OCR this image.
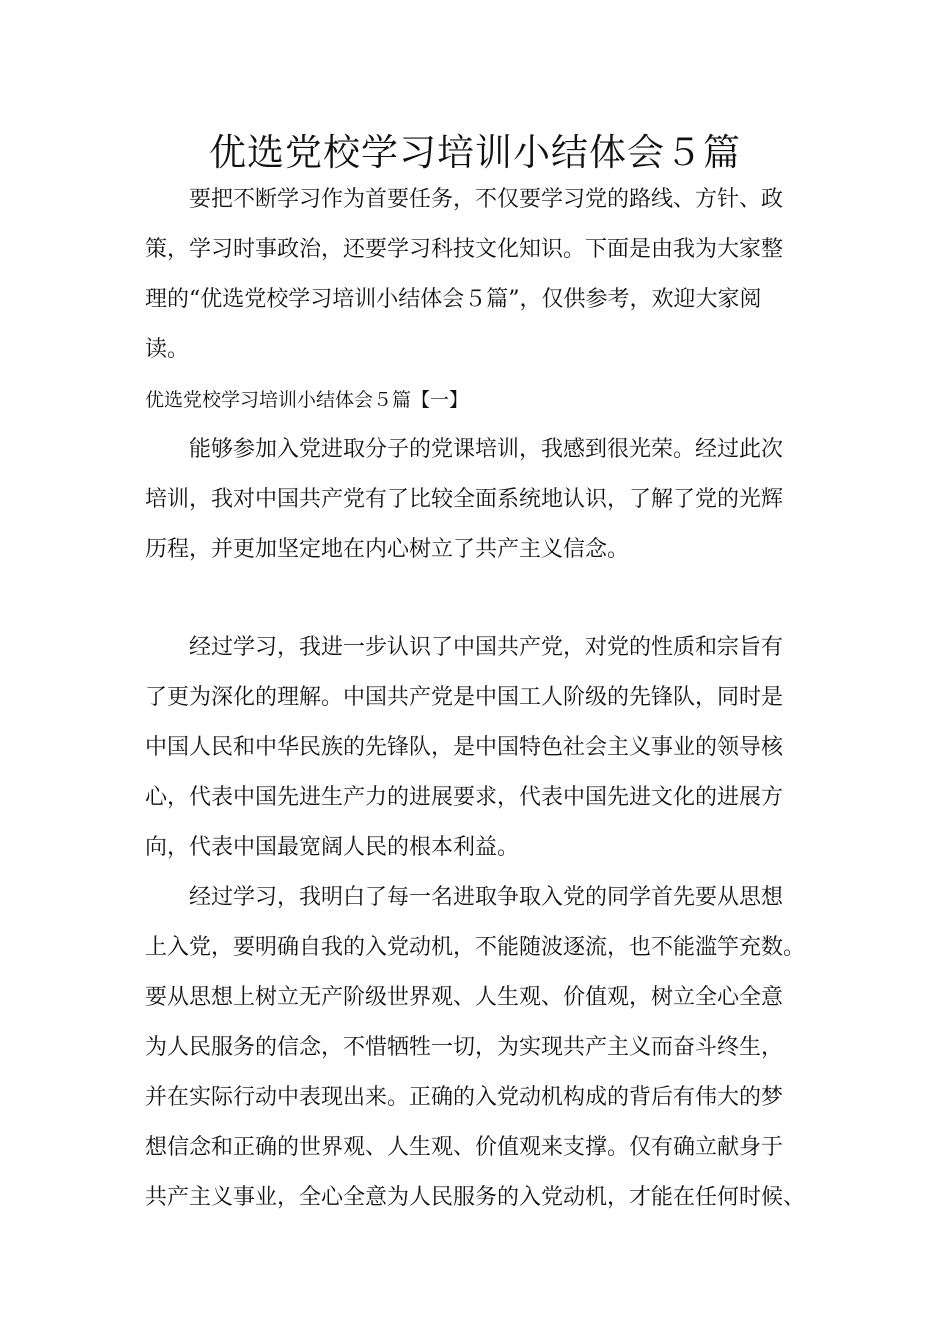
优选党校学习培训小结体会５篇
要把不断学习作为首要任务，不仅要学习党的路线、方针、政
策，学习时事政治，还要学习科技文化知识。下面是由我为大家整
理的“优选党校学习培训小结体会５篇”，仅供参考，欢迎大家阅
读。
优选党校学习培训小结体会５篇【一】
能够参加入党进取分子的党课培训，我感到很光荣。经过此次
培训，我对中国共产党有了比较全面系统地认识，了解了党的光辉
历程，并更加坚定地在内心树立了共产主义信念。
经过学习，我进一步认识了中国共产党，对党的性质和宗旨有
了更为深化的理解。中国共产党是中国工人阶级的先锋队，同时是
中国人民和中华民族的先锋队，是中国特色社会主义事业的领导核
心，代表中国先进生产力的进展要求，代表中国先进文化的进展方
向，代表中国最宽阔人民的根本利益。
经过学习，我明白了每一名进取争取入党的同学首先要从思想
上入党，要明确自我的入党动机，不能随波逐流，也不能滥竽充数。
要从思想上树立无产阶级世界观、人生观、价值观，树立全心全意
为人民服务的信念，不惜牺牲一切，为实现共产主义而奋斗终生，
并在实际行动中表现出来。正确的入党动机构成的背后有伟大的梦
想信念和正确的世界观、人生观、价值观来支撑。仅有确立献身于
共产主义事业，全心全意为人民服务的入党动机，才能在任何时候、
